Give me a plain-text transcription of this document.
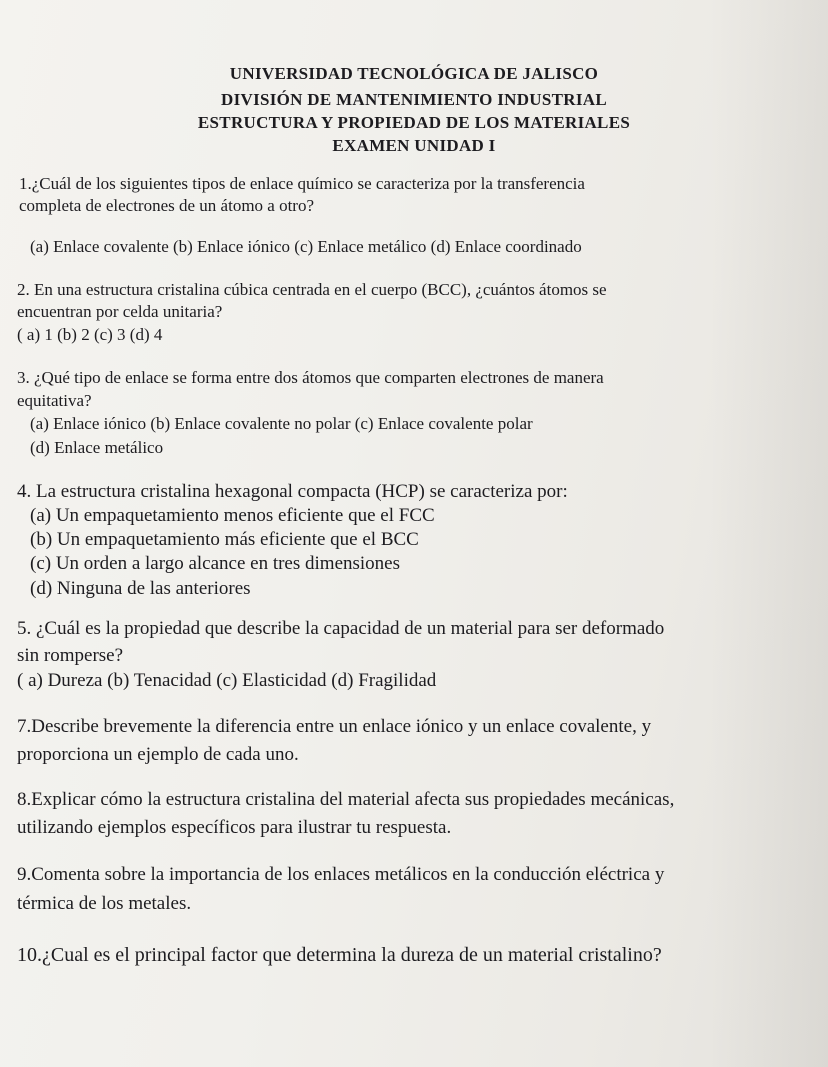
UNIVERSIDAD TECNOLÓGICA DE JALISCO
DIVISIÓN DE MANTENIMIENTO INDUSTRIAL
ESTRUCTURA Y PROPIEDAD DE LOS MATERIALES
EXAMEN UNIDAD I
1.¿Cuál de los siguientes tipos de enlace químico se caracteriza por la transferencia
completa de electrones de un átomo a otro?
(a) Enlace covalente (b) Enlace iónico (c) Enlace metálico (d) Enlace coordinado
2. En una estructura cristalina cúbica centrada en el cuerpo (BCC), ¿cuántos átomos se
encuentran por celda unitaria?
( a) 1 (b) 2 (c) 3 (d) 4
3. ¿Qué tipo de enlace se forma entre dos átomos que comparten electrones de manera
equitativa?
(a) Enlace iónico (b) Enlace covalente no polar (c) Enlace covalente polar
(d) Enlace metálico
4. La estructura cristalina hexagonal compacta (HCP) se caracteriza por:
(a) Un empaquetamiento menos eficiente que el FCC
(b) Un empaquetamiento más eficiente que el BCC
(c) Un orden a largo alcance en tres dimensiones
(d) Ninguna de las anteriores
5. ¿Cuál es la propiedad que describe la capacidad de un material para ser deformado
sin romperse?
( a) Dureza (b) Tenacidad (c) Elasticidad (d) Fragilidad
7.Describe brevemente la diferencia entre un enlace iónico y un enlace covalente, y
proporciona un ejemplo de cada uno.
8.Explicar cómo la estructura cristalina del material afecta sus propiedades mecánicas,
utilizando ejemplos específicos para ilustrar tu respuesta.
9.Comenta sobre la importancia de los enlaces metálicos en la conducción eléctrica y
térmica de los metales.
10.¿Cual es el principal factor que determina la dureza de un material cristalino?
